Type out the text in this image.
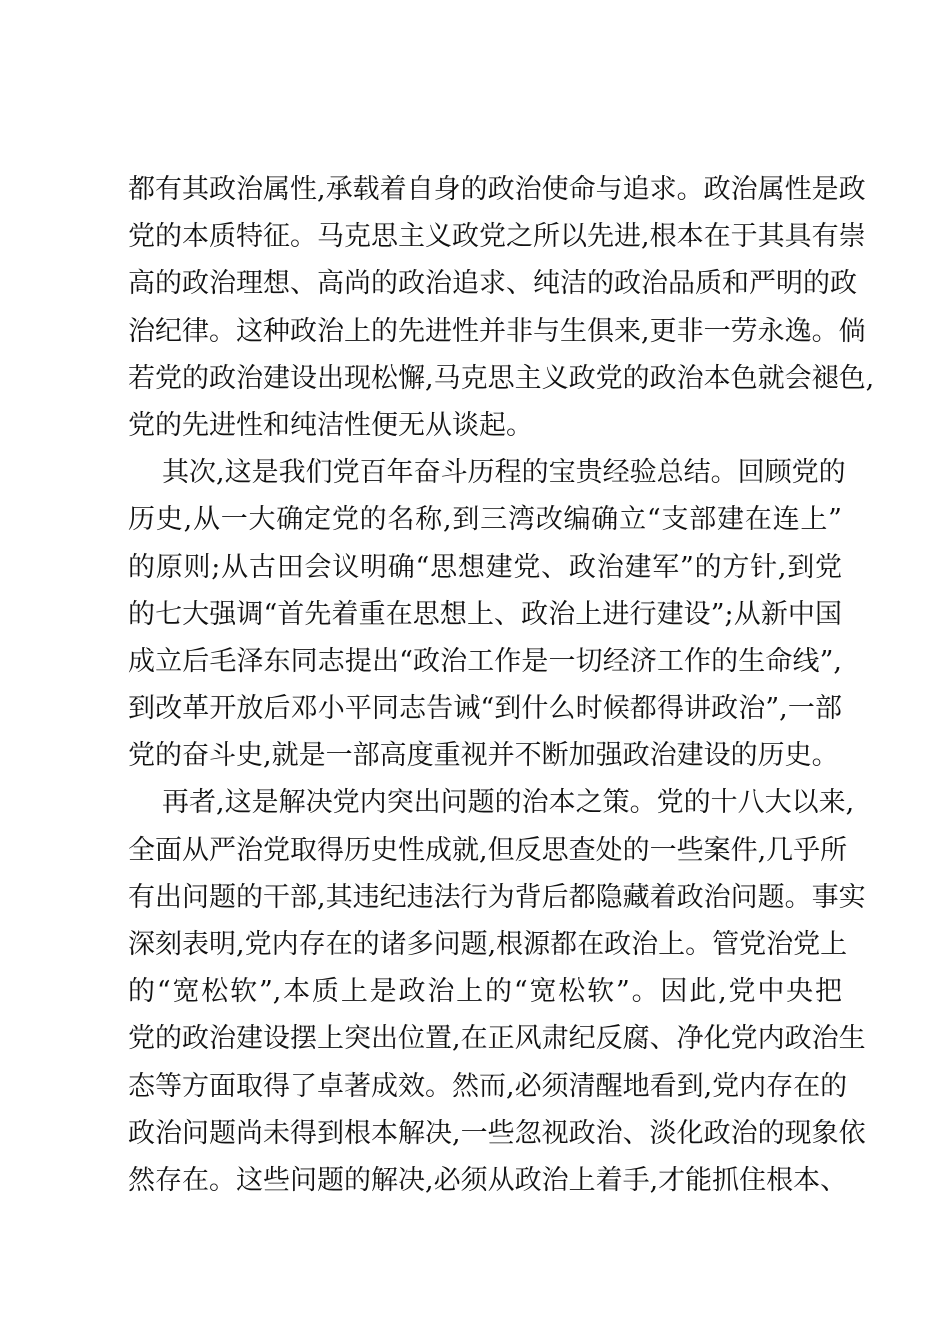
都有其政治属性,承载着自身的政治使命与追求。政治属性是政
党的本质特征。马克思主义政党之所以先进,根本在于其具有崇
高的政治理想、高尚的政治追求、纯洁的政治品质和严明的政
治纪律。这种政治上的先进性并非与生俱来,更非一劳永逸。倘
若党的政治建设出现松懈,马克思主义政党的政治本色就会褪色,
党的先进性和纯洁性便无从谈起。
其次,这是我们党百年奋斗历程的宝贵经验总结。回顾党的
历史,从一大确定党的名称,到三湾改编确立“支部建在连上”
的原则;从古田会议明确“思想建党、政治建军”的方针,到党
的七大强调“首先着重在思想上、政治上进行建设”;从新中国
成立后毛泽东同志提出“政治工作是一切经济工作的生命线”,
到改革开放后邓小平同志告诫“到什么时候都得讲政治”,一部
党的奋斗史,就是一部高度重视并不断加强政治建设的历史。
再者,这是解决党内突出问题的治本之策。党的十八大以来,
全面从严治党取得历史性成就,但反思查处的一些案件,几乎所
有出问题的干部,其违纪违法行为背后都隐藏着政治问题。事实
深刻表明,党内存在的诸多问题,根源都在政治上。管党治党上
的“宽松软”,本质上是政治上的“宽松软”。因此,党中央把
党的政治建设摆上突出位置,在正风肃纪反腐、净化党内政治生
态等方面取得了卓著成效。然而,必须清醒地看到,党内存在的
政治问题尚未得到根本解决,一些忽视政治、淡化政治的现象依
然存在。这些问题的解决,必须从政治上着手,才能抓住根本、
